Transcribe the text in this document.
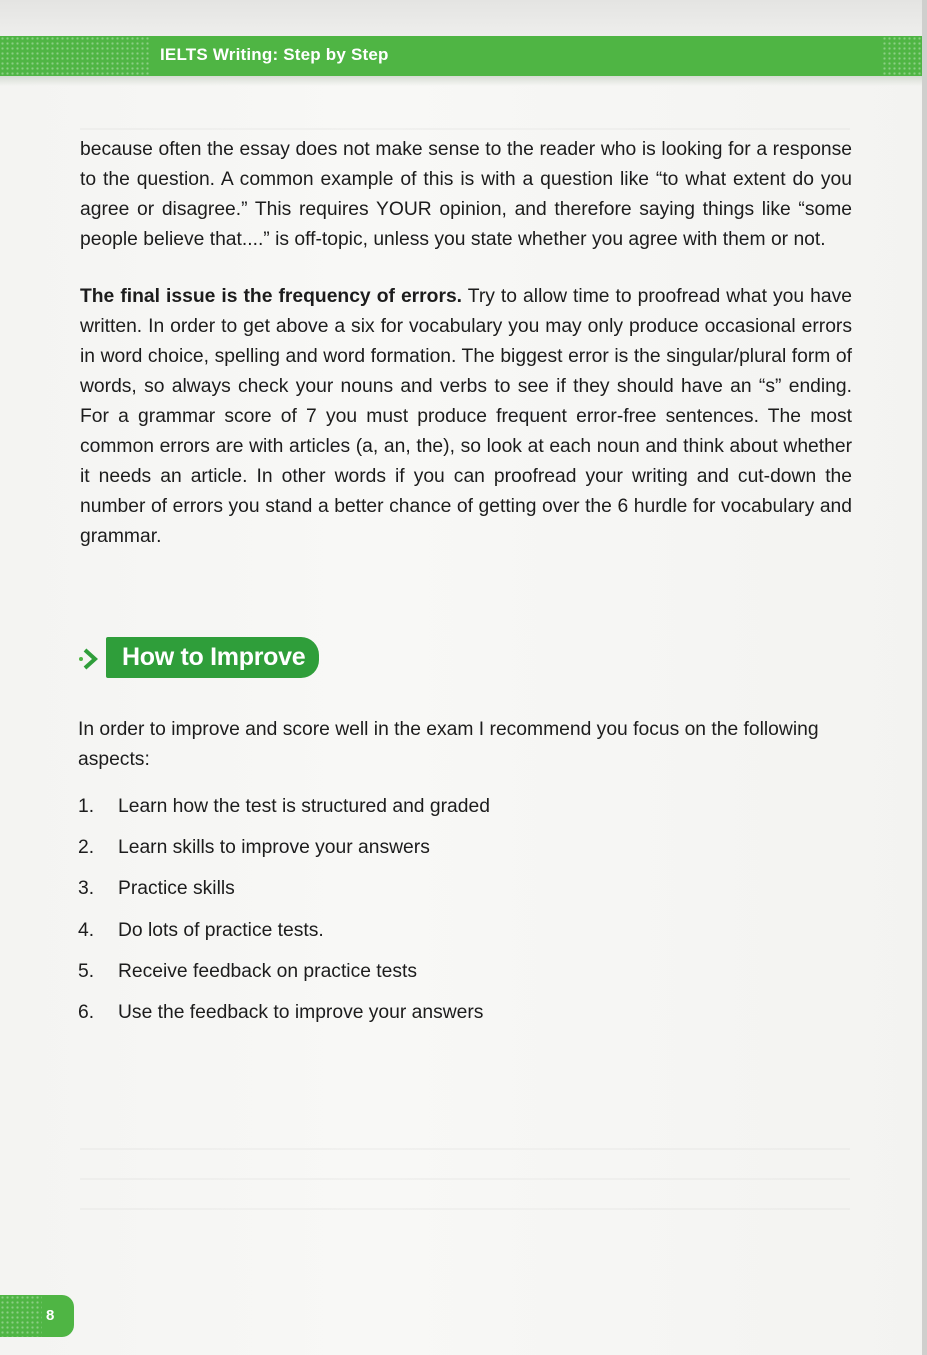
IELTS Writing: Step by Step

because often the essay does not make sense to the reader who is looking for a response to the question. A common example of this is with a question like “to what extent do you agree or disagree.” This requires YOUR opinion, and therefore saying things like “some people believe that....” is off-topic, unless you state whether you agree with them or not.

The final issue is the frequency of errors. Try to allow time to proofread what you have written. In order to get above a six for vocabulary you may only produce occasional errors in word choice, spelling and word formation. The biggest error is the singular/plural form of words, so always check your nouns and verbs to see if they should have an “s” ending. For a grammar score of 7 you must produce frequent error-free sentences. The most common errors are with articles (a, an, the), so look at each noun and think about whether it needs an article. In other words if you can proofread your writing and cut-down the number of errors you stand a better chance of getting over the 6 hurdle for vocabulary and grammar.

How to Improve

In order to improve and score well in the exam I recommend you focus on the following aspects:

1. Learn how the test is structured and graded
2. Learn skills to improve your answers
3. Practice skills
4. Do lots of practice tests.
5. Receive feedback on practice tests
6. Use the feedback to improve your answers
8
